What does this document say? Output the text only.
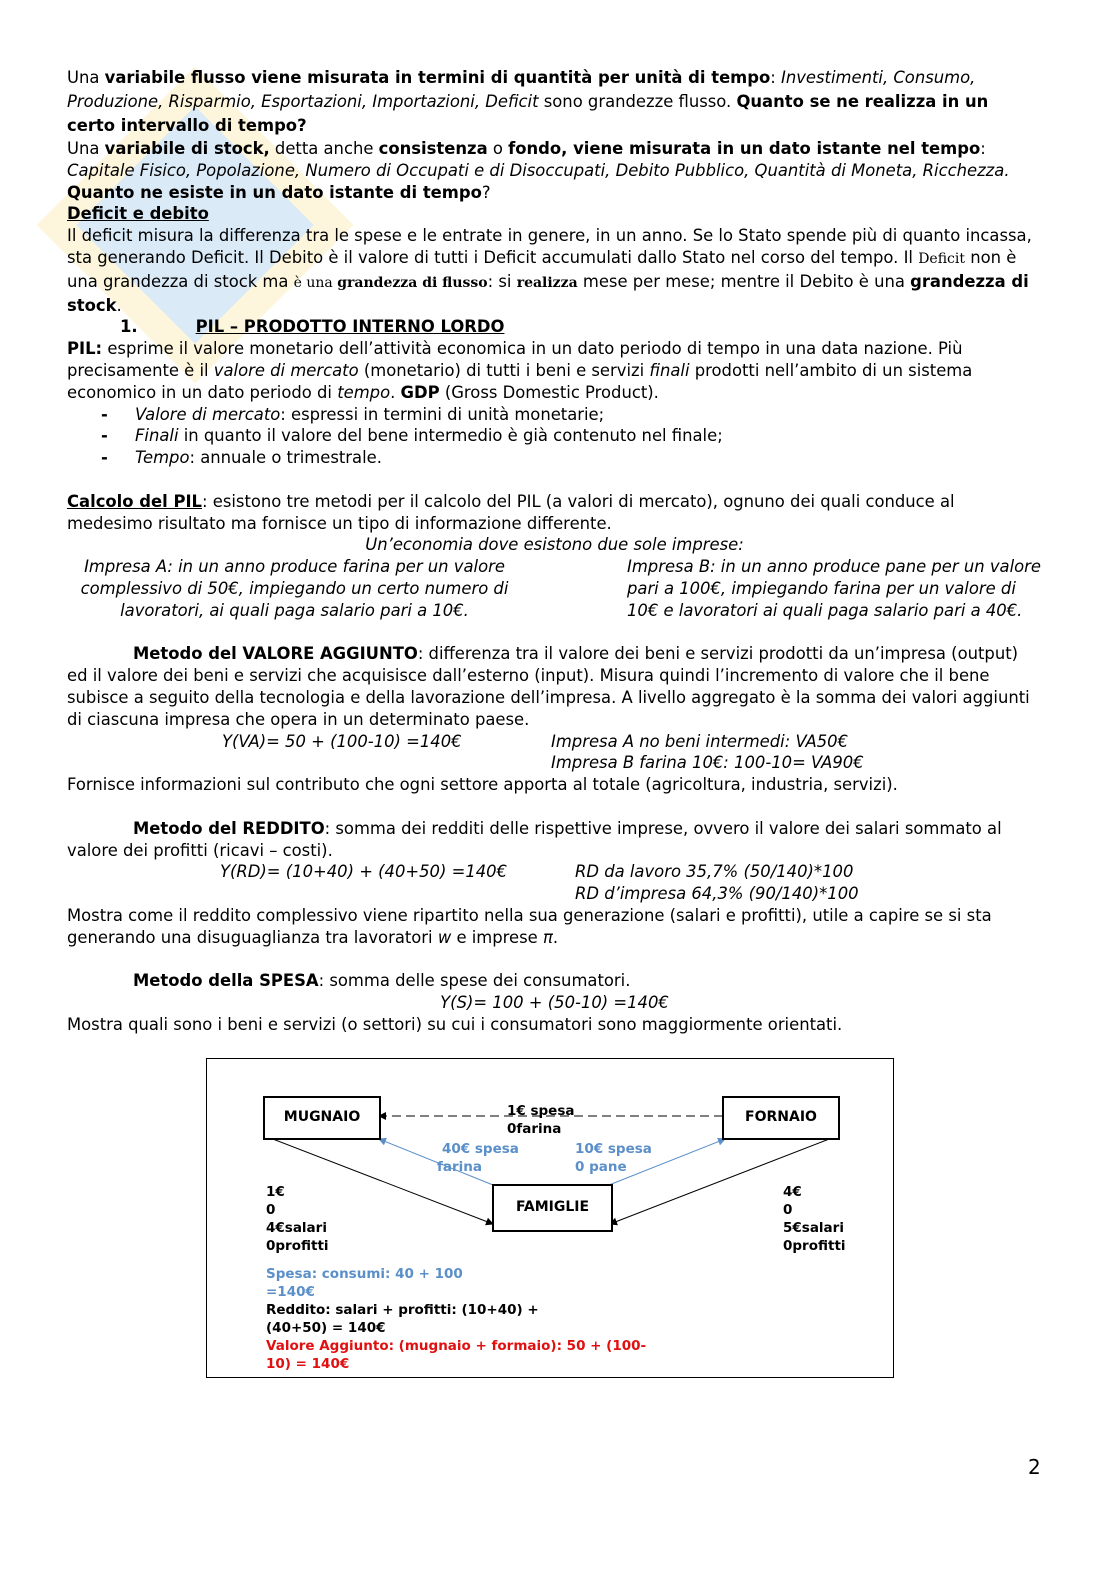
Una variabile flusso viene misurata in termini di quantità per unità di tempo: Investimenti, Consumo, Produzione, Risparmio, Esportazioni, Importazioni, Deficit sono grandezze flusso. Quanto se ne realizza in un certo intervallo di tempo?

Una variabile di stock, detta anche consistenza o fondo, viene misurata in un dato istante nel tempo: Capitale Fisico, Popolazione, Numero di Occupati e di Disoccupati, Debito Pubblico, Quantità di Moneta, Ricchezza. Quanto ne esiste in un dato istante di tempo?

Deficit e debito

Il deficit misura la differenza tra le spese e le entrate in genere, in un anno. Se lo Stato spende più di quanto incassa, sta generando Deficit. Il Debito è il valore di tutti i Deficit accumulati dallo Stato nel corso del tempo. Il Deficit non è una grandezza di stock ma è una grandezza di flusso: si realizza mese per mese; mentre il Debito è una grandezza di stock.

1.	PIL – PRODOTTO INTERNO LORDO

PIL: esprime il valore monetario dell’attività economica in un dato periodo di tempo in una data nazione. Più precisamente è il valore di mercato (monetario) di tutti i beni e servizi finali prodotti nell’ambito di un sistema economico in un dato periodo di tempo. GDP (Gross Domestic Product).

- Valore di mercato: espressi in termini di unità monetarie;
- Finali in quanto il valore del bene intermedio è già contenuto nel finale;
- Tempo: annuale o trimestrale.

Calcolo del PIL: esistono tre metodi per il calcolo del PIL (a valori di mercato), ognuno dei quali conduce al medesimo risultato ma fornisce un tipo di informazione differente.

Un’economia dove esistono due sole imprese:

Impresa A: in un anno produce farina per un valore complessivo di 50€, impiegando un certo numero di lavoratori, ai quali paga salario pari a 10€.
Impresa B: in un anno produce pane per un valore pari a 100€, impiegando farina per un valore di 10€ e lavoratori ai quali paga salario pari a 40€.

Metodo del VALORE AGGIUNTO: differenza tra il valore dei beni e servizi prodotti da un’impresa (output) ed il valore dei beni e servizi che acquisisce dall’esterno (input). Misura quindi l’incremento di valore che il bene subisce a seguito della tecnologia e della lavorazione dell’impresa. A livello aggregato è la somma dei valori aggiunti di ciascuna impresa che opera in un determinato paese.

Y(VA)= 50 + (100-10) =140€	Impresa A no beni intermedi: VA50€
Impresa B farina 10€: 100-10= VA90€

Fornisce informazioni sul contributo che ogni settore apporta al totale (agricoltura, industria, servizi).

Metodo del REDDITO: somma dei redditi delle rispettive imprese, ovvero il valore dei salari sommato al valore dei profitti (ricavi – costi).

Y(RD)= (10+40) + (40+50) =140€	RD da lavoro 35,7% (50/140)*100
RD d’impresa 64,3% (90/140)*100

Mostra come il reddito complessivo viene ripartito nella sua generazione (salari e profitti), utile a capire se si sta generando una disuguaglianza tra lavoratori w e imprese π.

Metodo della SPESA: somma delle spese dei consumatori.

Y(S)= 100 + (50-10) =140€

Mostra quali sono i beni e servizi (o settori) su cui i consumatori sono maggiormente orientati.

MUGNAIO	FORNAIO
FAMIGLIE
1€ spesa
0farina
40€ spesa
farina
10€ spesa
0 pane
1€
0
4€salari
0profitti
4€
0
5€salari
0profitti
Spesa: consumi: 40 + 100
=140€
Reddito: salari + profitti: (10+40) +
(40+50) = 140€
Valore Aggiunto: (mugnaio + formaio): 50 + (100-
10) = 140€
2
